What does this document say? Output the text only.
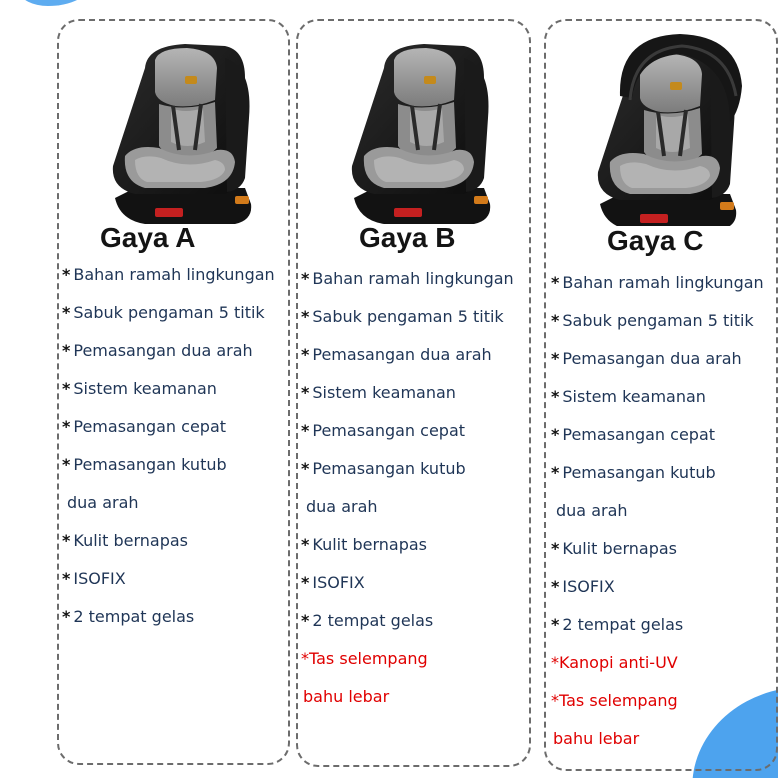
Gaya A
* Bahan ramah lingkungan
* Sabuk pengaman 5 titik
* Pemasangan dua arah
* Sistem keamanan
* Pemasangan cepat
* Pemasangan kutub
dua arah
* Kulit bernapas
* ISOFIX
* 2 tempat gelas
Gaya B
* Bahan ramah lingkungan
* Sabuk pengaman 5 titik
* Pemasangan dua arah
* Sistem keamanan
* Pemasangan cepat
* Pemasangan kutub
dua arah
* Kulit bernapas
* ISOFIX
* 2 tempat gelas
*Tas selempang
bahu lebar
Gaya C
* Bahan ramah lingkungan
* Sabuk pengaman 5 titik
* Pemasangan dua arah
* Sistem keamanan
* Pemasangan cepat
* Pemasangan kutub
dua arah
* Kulit bernapas
* ISOFIX
* 2 tempat gelas
*Kanopi anti-UV
*Tas selempang
bahu lebar
